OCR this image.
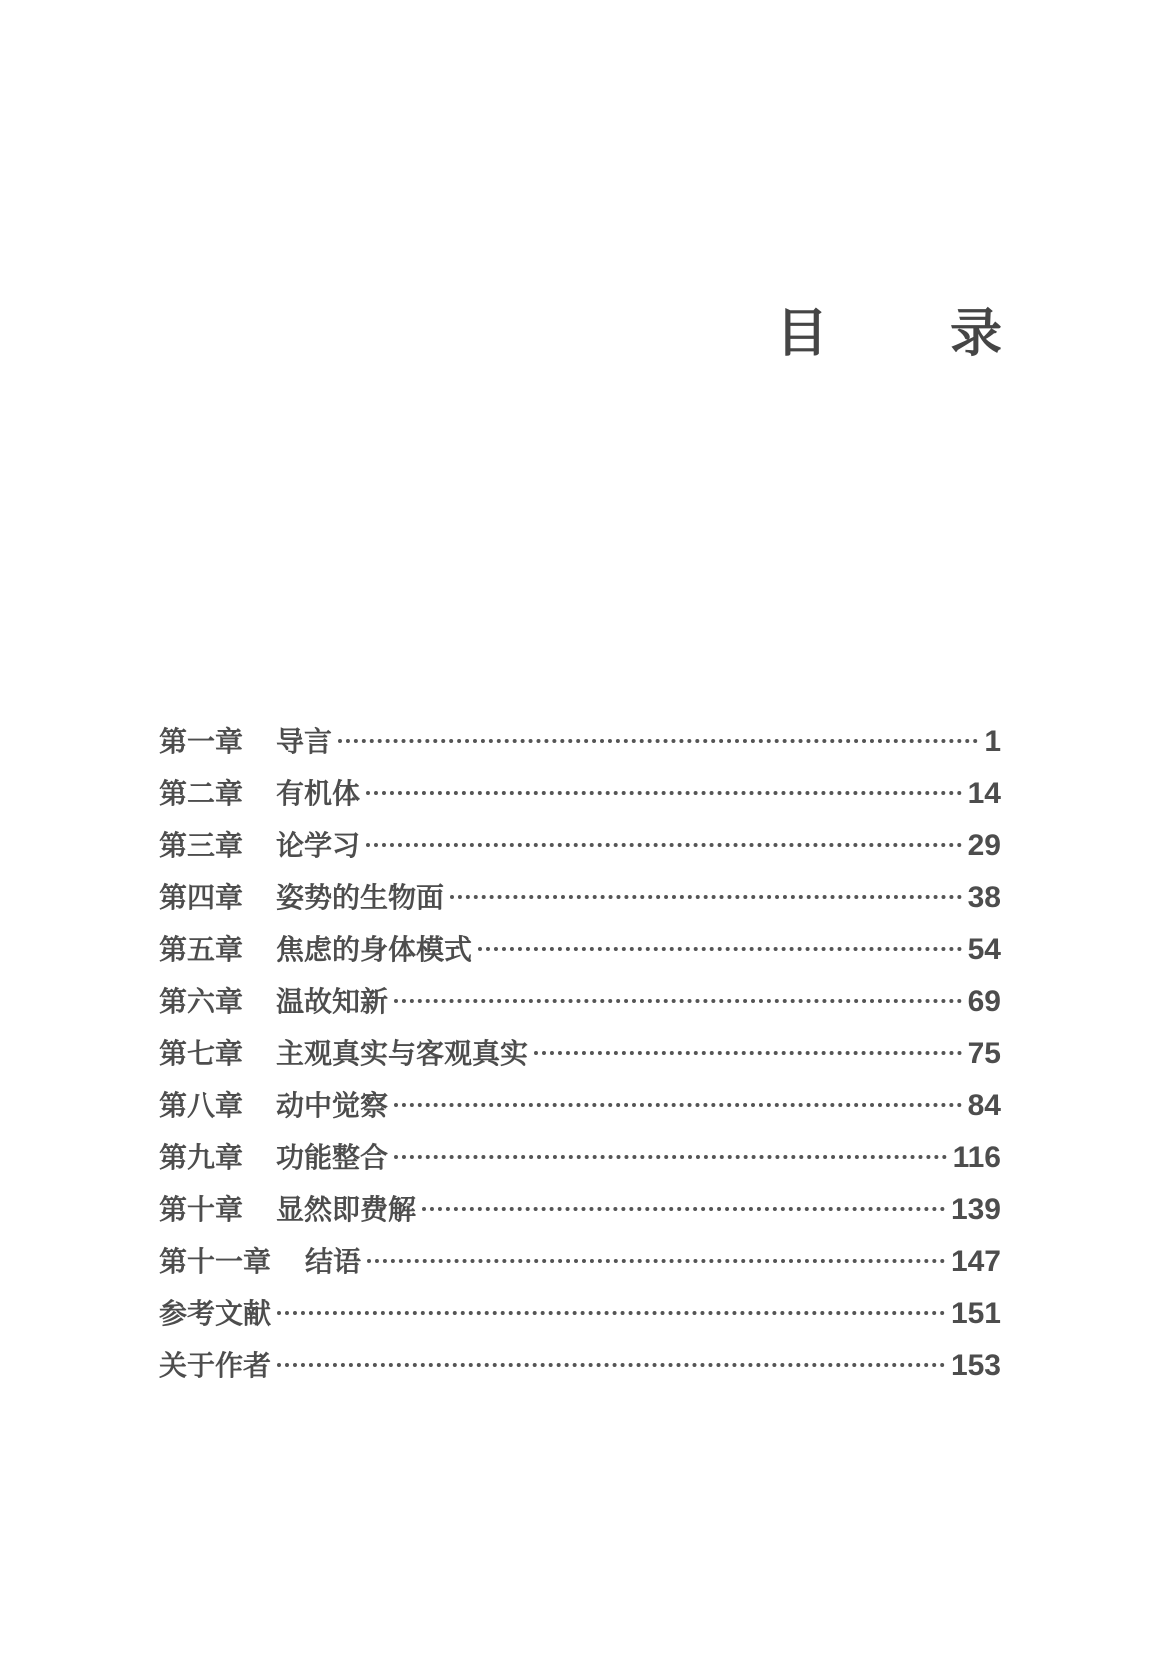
目 录
第一章	导言	1
第二章	有机体	14
第三章	论学习	29
第四章	姿势的生物面	38
第五章	焦虑的身体模式	54
第六章	温故知新	69
第七章	主观真实与客观真实	75
第八章	动中觉察	84
第九章	功能整合	116
第十章	显然即费解	139
第十一章	结语	147
参考文献	151
关于作者	153
